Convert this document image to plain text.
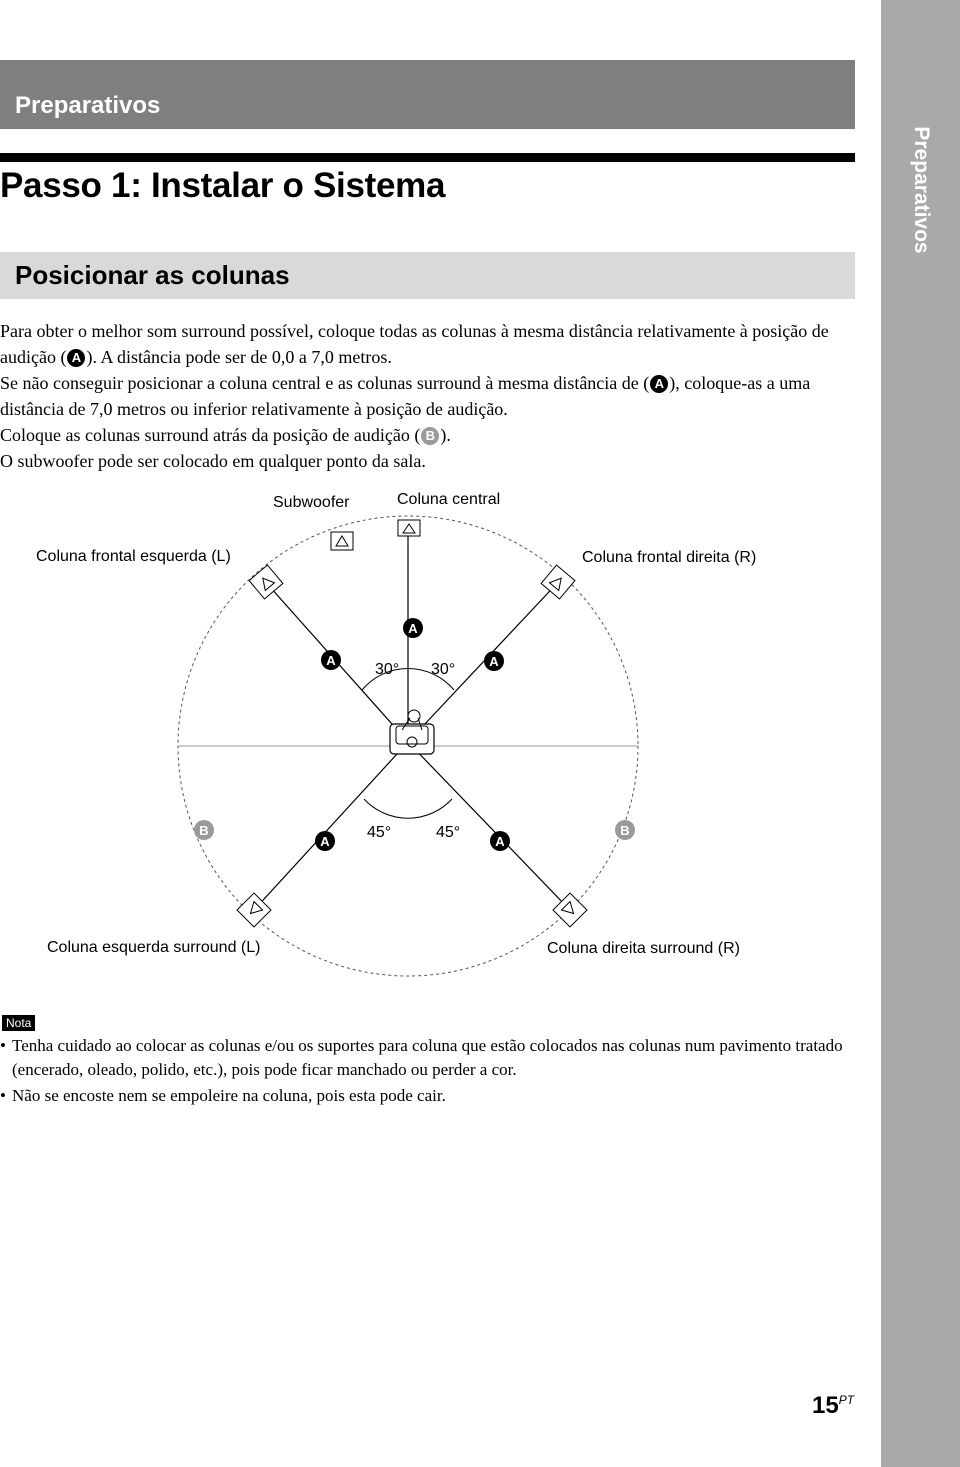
Preparativos
Preparativos
Passo 1: Instalar o Sistema
Posicionar as colunas

Para obter o melhor som surround possível, coloque todas as colunas à mesma distância relativamente à posição de audição ( A ). A distância pode ser de 0,0 a 7,0 metros.

Se não conseguir posicionar a coluna central e as colunas surround à mesma distância de ( A ), coloque-as a uma distância de 7,0 metros ou inferior relativamente à posição de audição.

Coloque as colunas surround atrás da posição de audição ( B ).

O subwoofer pode ser colocado em qualquer ponto da sala.

A
A	A
A	A
B	B
Subwoofer	Coluna central
Coluna frontal esquerda (L)	Coluna frontal direita (R)
30° 30°
45°	45°
Coluna esquerda surround (L)	Coluna direita surround (R)
Nota
• Tenha cuidado ao colocar as colunas e/ou os suportes para coluna que estão colocados nas colunas num pavimento tratado (encerado, oleado, polido, etc.), pois pode ficar manchado ou perder a cor.
• Não se encoste nem se empoleire na coluna, pois esta pode cair.
$15^{PT}$
